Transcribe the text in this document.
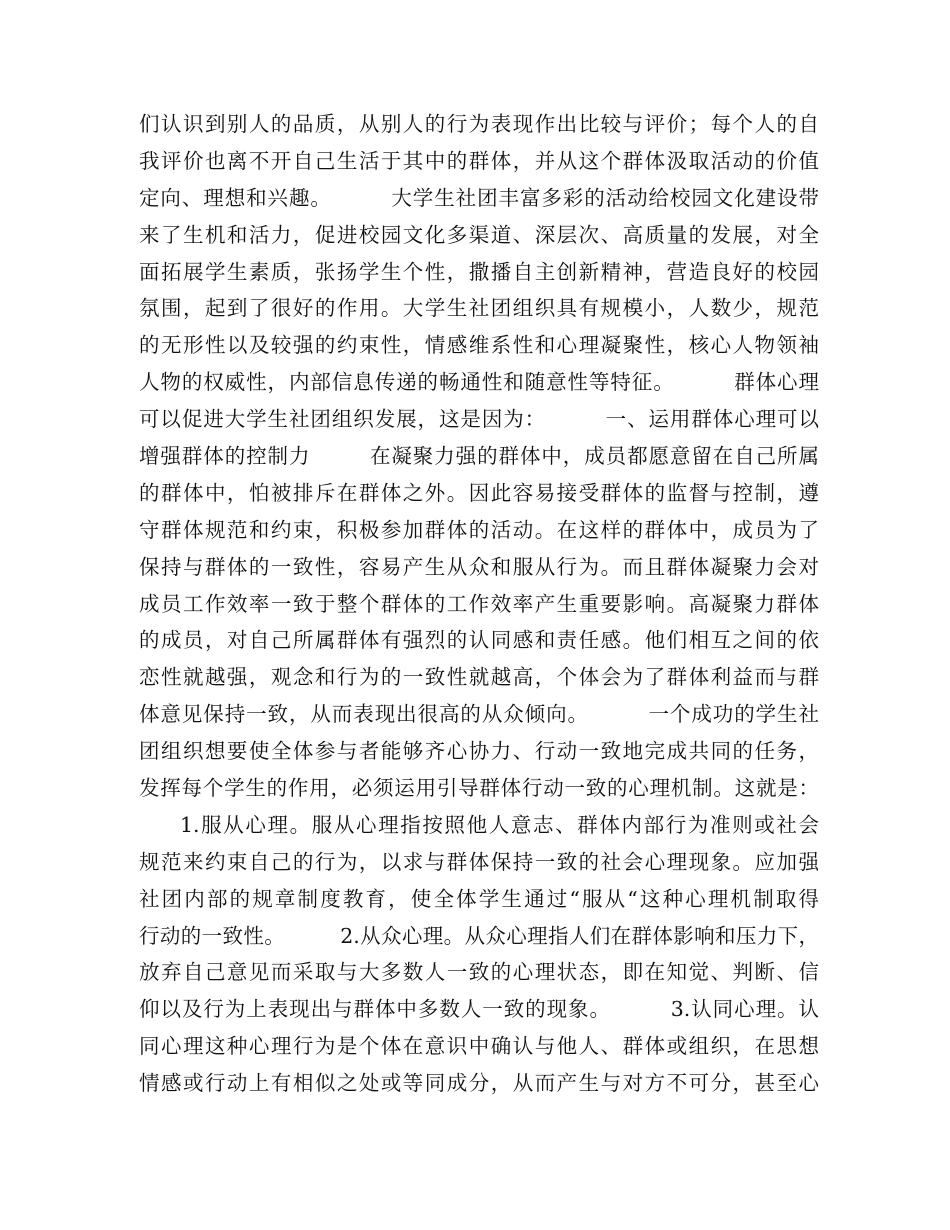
们认识到别人的品质，从别人的行为表现作出比较与评价；每个人的自
我评价也离不开自己生活于其中的群体，并从这个群体汲取活动的价值
定向、理想和兴趣。        大学生社团丰富多彩的活动给校园文化建设带
来了生机和活力，促进校园文化多渠道、深层次、高质量的发展，对全
面拓展学生素质，张扬学生个性，撒播自主创新精神，营造良好的校园
氛围，起到了很好的作用。大学生社团组织具有规模小，人数少，规范
的无形性以及较强的约束性，情感维系性和心理凝聚性，核心人物领袖
人物的权威性，内部信息传递的畅通性和随意性等特征。        群体心理
可以促进大学生社团组织发展，这是因为：        一、运用群体心理可以
增强群体的控制力        在凝聚力强的群体中，成员都愿意留在自己所属
的群体中，怕被排斥在群体之外。因此容易接受群体的监督与控制，遵
守群体规范和约束，积极参加群体的活动。在这样的群体中，成员为了
保持与群体的一致性，容易产生从众和服从行为。而且群体凝聚力会对
成员工作效率一致于整个群体的工作效率产生重要影响。高凝聚力群体
的成员，对自己所属群体有强烈的认同感和责任感。他们相互之间的依
恋性就越强，观念和行为的一致性就越高，个体会为了群体利益而与群
体意见保持一致，从而表现出很高的从众倾向。        一个成功的学生社
团组织想要使全体参与者能够齐心协力、行动一致地完成共同的任务，
发挥每个学生的作用，必须运用引导群体行动一致的心理机制。这就是：
1.服从心理。服从心理指按照他人意志、群体内部行为准则或社会
规范来约束自己的行为，以求与群体保持一致的社会心理现象。应加强
社团内部的规章制度教育，使全体学生通过“服从“这种心理机制取得
行动的一致性。        2.从众心理。从众心理指人们在群体影响和压力下，
放弃自己意见而采取与大多数人一致的心理状态，即在知觉、判断、信
仰以及行为上表现出与群体中多数人一致的现象。        3.认同心理。认
同心理这种心理行为是个体在意识中确认与他人、群体或组织，在思想
情感或行动上有相似之处或等同成分，从而产生与对方不可分，甚至心
